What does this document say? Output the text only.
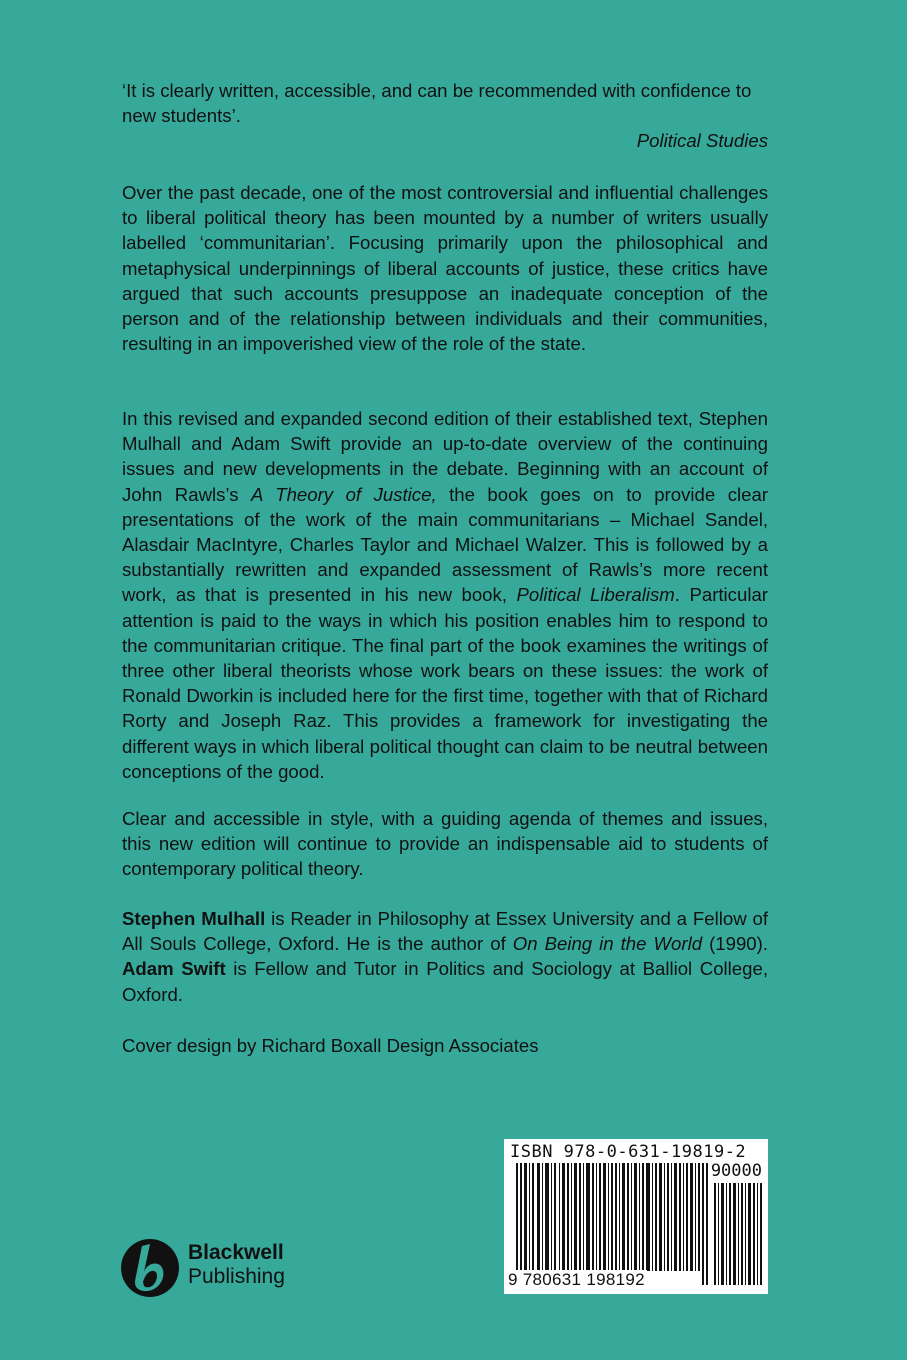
‘It is clearly written, accessible, and can be recommended with confidence to new students’.

Political Studies

Over the past decade, one of the most controversial and influential challenges to liberal political theory has been mounted by a number of writers usually labelled ‘communitarian’. Focusing primarily upon the philosophical and metaphysical underpinnings of liberal accounts of justice, these critics have argued that such accounts presuppose an inadequate conception of the person and of the relationship between individuals and their communities, resulting in an impoverished view of the role of the state.

In this revised and expanded second edition of their established text, Stephen Mulhall and Adam Swift provide an up-to-date overview of the continuing issues and new developments in the debate. Beginning with an account of John Rawls’s A Theory of Justice, the book goes on to provide clear presentations of the work of the main communitarians – Michael Sandel, Alasdair MacIntyre, Charles Taylor and Michael Walzer. This is followed by a substantially rewritten and expanded assessment of Rawls’s more recent work, as that is presented in his new book, Political Liberalism. Particular attention is paid to the ways in which his position enables him to respond to the communitarian critique. The final part of the book examines the writings of three other liberal theorists whose work bears on these issues: the work of Ronald Dworkin is included here for the first time, together with that of Richard Rorty and Joseph Raz. This provides a framework for investigating the different ways in which liberal political thought can claim to be neutral between conceptions of the good.

Clear and accessible in style, with a guiding agenda of themes and issues, this new edition will continue to provide an indispensable aid to students of contemporary political theory.

Stephen Mulhall is Reader in Philosophy at Essex University and a Fellow of All Souls College, Oxford. He is the author of On Being in the World (1990). Adam Swift is Fellow and Tutor in Politics and Sociology at Balliol College, Oxford.

Cover design by Richard Boxall Design Associates

Blackwell
Publishing
ISBN 978-0-631-19819-2
90000
9 780631 198192
